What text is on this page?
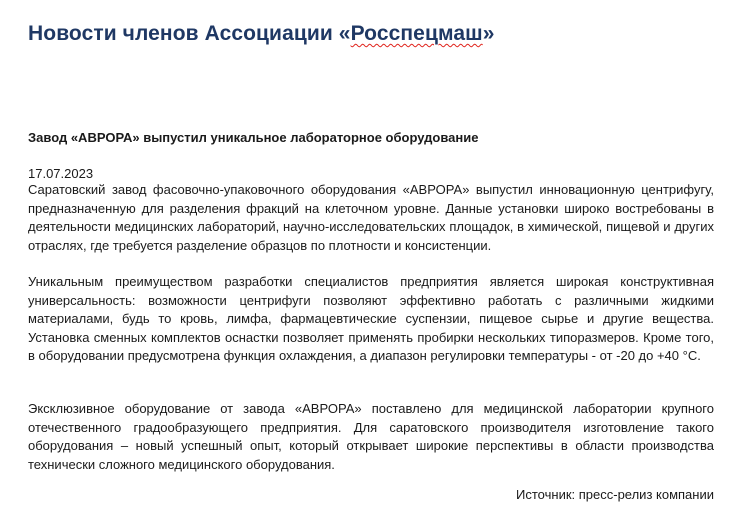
Новости членов Ассоциации «Росспецмаш»
Завод «АВРОРА» выпустил уникальное лабораторное оборудование
17.07.2023

Саратовский завод фасовочно-упаковочного оборудования «АВРОРА» выпустил инновационную центрифугу, предназначенную для разделения фракций на клеточном уровне. Данные установки широко востребованы в деятельности медицинских лабораторий, научно-исследовательских площадок, в химической, пищевой и других отраслях, где требуется разделение образцов по плотности и консистенции.

Уникальным преимуществом разработки специалистов предприятия является широкая конструктивная универсальность: возможности центрифуги позволяют эффективно работать с различными жидкими материалами, будь то кровь, лимфа, фармацевтические суспензии, пищевое сырье и другие вещества. Установка сменных комплектов оснастки позволяет применять пробирки нескольких типоразмеров. Кроме того, в оборудовании предусмотрена функция охлаждения, а диапазон регулировки температуры - от -20 до +40 °C.

Эксклюзивное оборудование от завода «АВРОРА» поставлено для медицинской лаборатории крупного отечественного градообразующего предприятия. Для саратовского производителя изготовление такого оборудования – новый успешный опыт, который открывает широкие перспективы в области производства технически сложного медицинского оборудования.

Источник: пресс-релиз компании
